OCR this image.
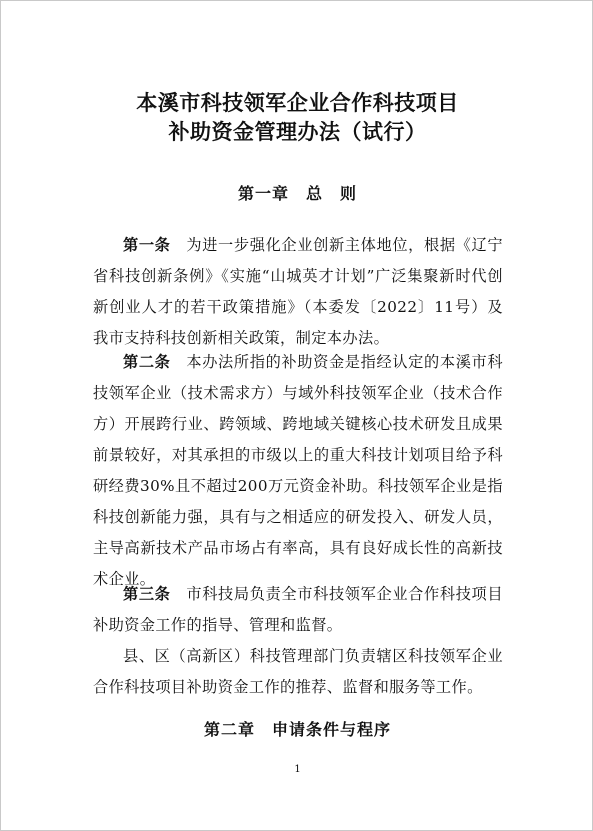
本溪市科技领军企业合作科技项目
补助资金管理办法（试行）
第一章　总　则

第一条　为进一步强化企业创新主体地位，根据《辽宁省科技创新条例》《实施“山城英才计划”广泛集聚新时代创新创业人才的若干政策措施》（本委发〔2022〕11号）及我市支持科技创新相关政策，制定本办法。

第二条　本办法所指的补助资金是指经认定的本溪市科技领军企业（技术需求方）与域外科技领军企业（技术合作方）开展跨行业、跨领域、跨地域关键核心技术研发且成果前景较好，对其承担的市级以上的重大科技计划项目给予科研经费30%且不超过200万元资金补助。科技领军企业是指科技创新能力强，具有与之相适应的研发投入、研发人员，主导高新技术产品市场占有率高，具有良好成长性的高新技术企业。

第三条　市科技局负责全市科技领军企业合作科技项目补助资金工作的指导、管理和监督。

县、区（高新区）科技管理部门负责辖区科技领军企业合作科技项目补助资金工作的推荐、监督和服务等工作。

第二章　申请条件与程序
1
